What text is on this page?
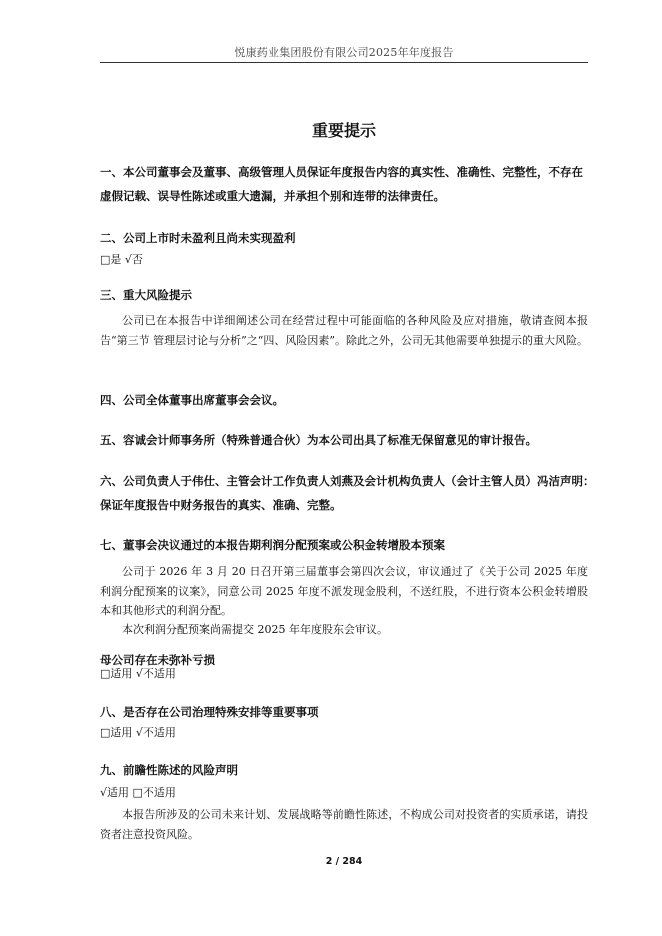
悦康药业集团股份有限公司2025年年度报告
重要提示
一、本公司董事会及董事、高级管理人员保证年度报告内容的真实性、准确性、完整性，不存在
虚假记载、误导性陈述或重大遗漏，并承担个别和连带的法律责任。
二、公司上市时未盈利且尚未实现盈利
□是 √否
三、重大风险提示
公司已在本报告中详细阐述公司在经营过程中可能面临的各种风险及应对措施，敬请查阅本报告“第三节 管理层讨论与分析”之“四、风险因素”。除此之外，公司无其他需要单独提示的重大风险。
四、公司全体董事出席董事会会议。
五、容诚会计师事务所（特殊普通合伙）为本公司出具了标准无保留意见的审计报告。
六、公司负责人于伟仕、主管会计工作负责人刘燕及会计机构负责人（会计主管人员）冯洁声明：
保证年度报告中财务报告的真实、准确、完整。
七、董事会决议通过的本报告期利润分配预案或公积金转增股本预案
公司于 2026 年 3 月 20 日召开第三届董事会第四次会议，审议通过了《关于公司 2025 年度利润分配预案的议案》，同意公司 2025 年度不派发现金股利，不送红股，不进行资本公积金转增股本和其他形式的利润分配。
本次利润分配预案尚需提交 2025 年年度股东会审议。
母公司存在未弥补亏损
□适用 √不适用
八、是否存在公司治理特殊安排等重要事项
□适用 √不适用
九、前瞻性陈述的风险声明
√适用 □不适用
本报告所涉及的公司未来计划、发展战略等前瞻性陈述，不构成公司对投资者的实质承诺，请投资者注意投资风险。
2 / 284
